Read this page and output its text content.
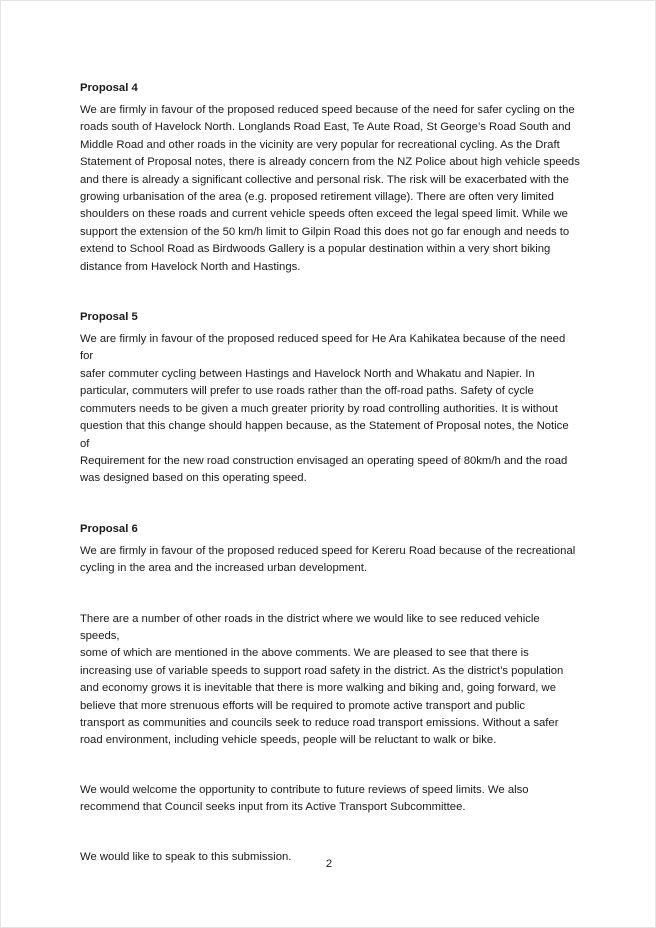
Proposal 4

We are firmly in favour of the proposed reduced speed because of the need for safer cycling on the
roads south of Havelock North. Longlands Road East, Te Aute Road, St George’s Road South and
Middle Road and other roads in the vicinity are very popular for recreational cycling. As the Draft
Statement of Proposal notes, there is already concern from the NZ Police about high vehicle speeds
and there is already a significant collective and personal risk. The risk will be exacerbated with the
growing urbanisation of the area (e.g. proposed retirement village). There are often very limited
shoulders on these roads and current vehicle speeds often exceed the legal speed limit. While we
support the extension of the 50 km/h limit to Gilpin Road this does not go far enough and needs to
extend to School Road as Birdwoods Gallery is a popular destination within a very short biking
distance from Havelock North and Hastings.

Proposal 5

We are firmly in favour of the proposed reduced speed for He Ara Kahikatea because of the need for
safer commuter cycling between Hastings and Havelock North and Whakatu and Napier. In
particular, commuters will prefer to use roads rather than the off-road paths. Safety of cycle
commuters needs to be given a much greater priority by road controlling authorities. It is without
question that this change should happen because, as the Statement of Proposal notes, the Notice of
Requirement for the new road construction envisaged an operating speed of 80km/h and the road
was designed based on this operating speed.

Proposal 6

We are firmly in favour of the proposed reduced speed for Kereru Road because of the recreational
cycling in the area and the increased urban development.

There are a number of other roads in the district where we would like to see reduced vehicle speeds,
some of which are mentioned in the above comments. We are pleased to see that there is
increasing use of variable speeds to support road safety in the district. As the district’s population
and economy grows it is inevitable that there is more walking and biking and, going forward, we
believe that more strenuous efforts will be required to promote active transport and public
transport as communities and councils seek to reduce road transport emissions. Without a safer
road environment, including vehicle speeds, people will be reluctant to walk or bike.

We would welcome the opportunity to contribute to future reviews of speed limits. We also
recommend that Council seeks input from its Active Transport Subcommittee.

We would like to speak to this submission.

2
